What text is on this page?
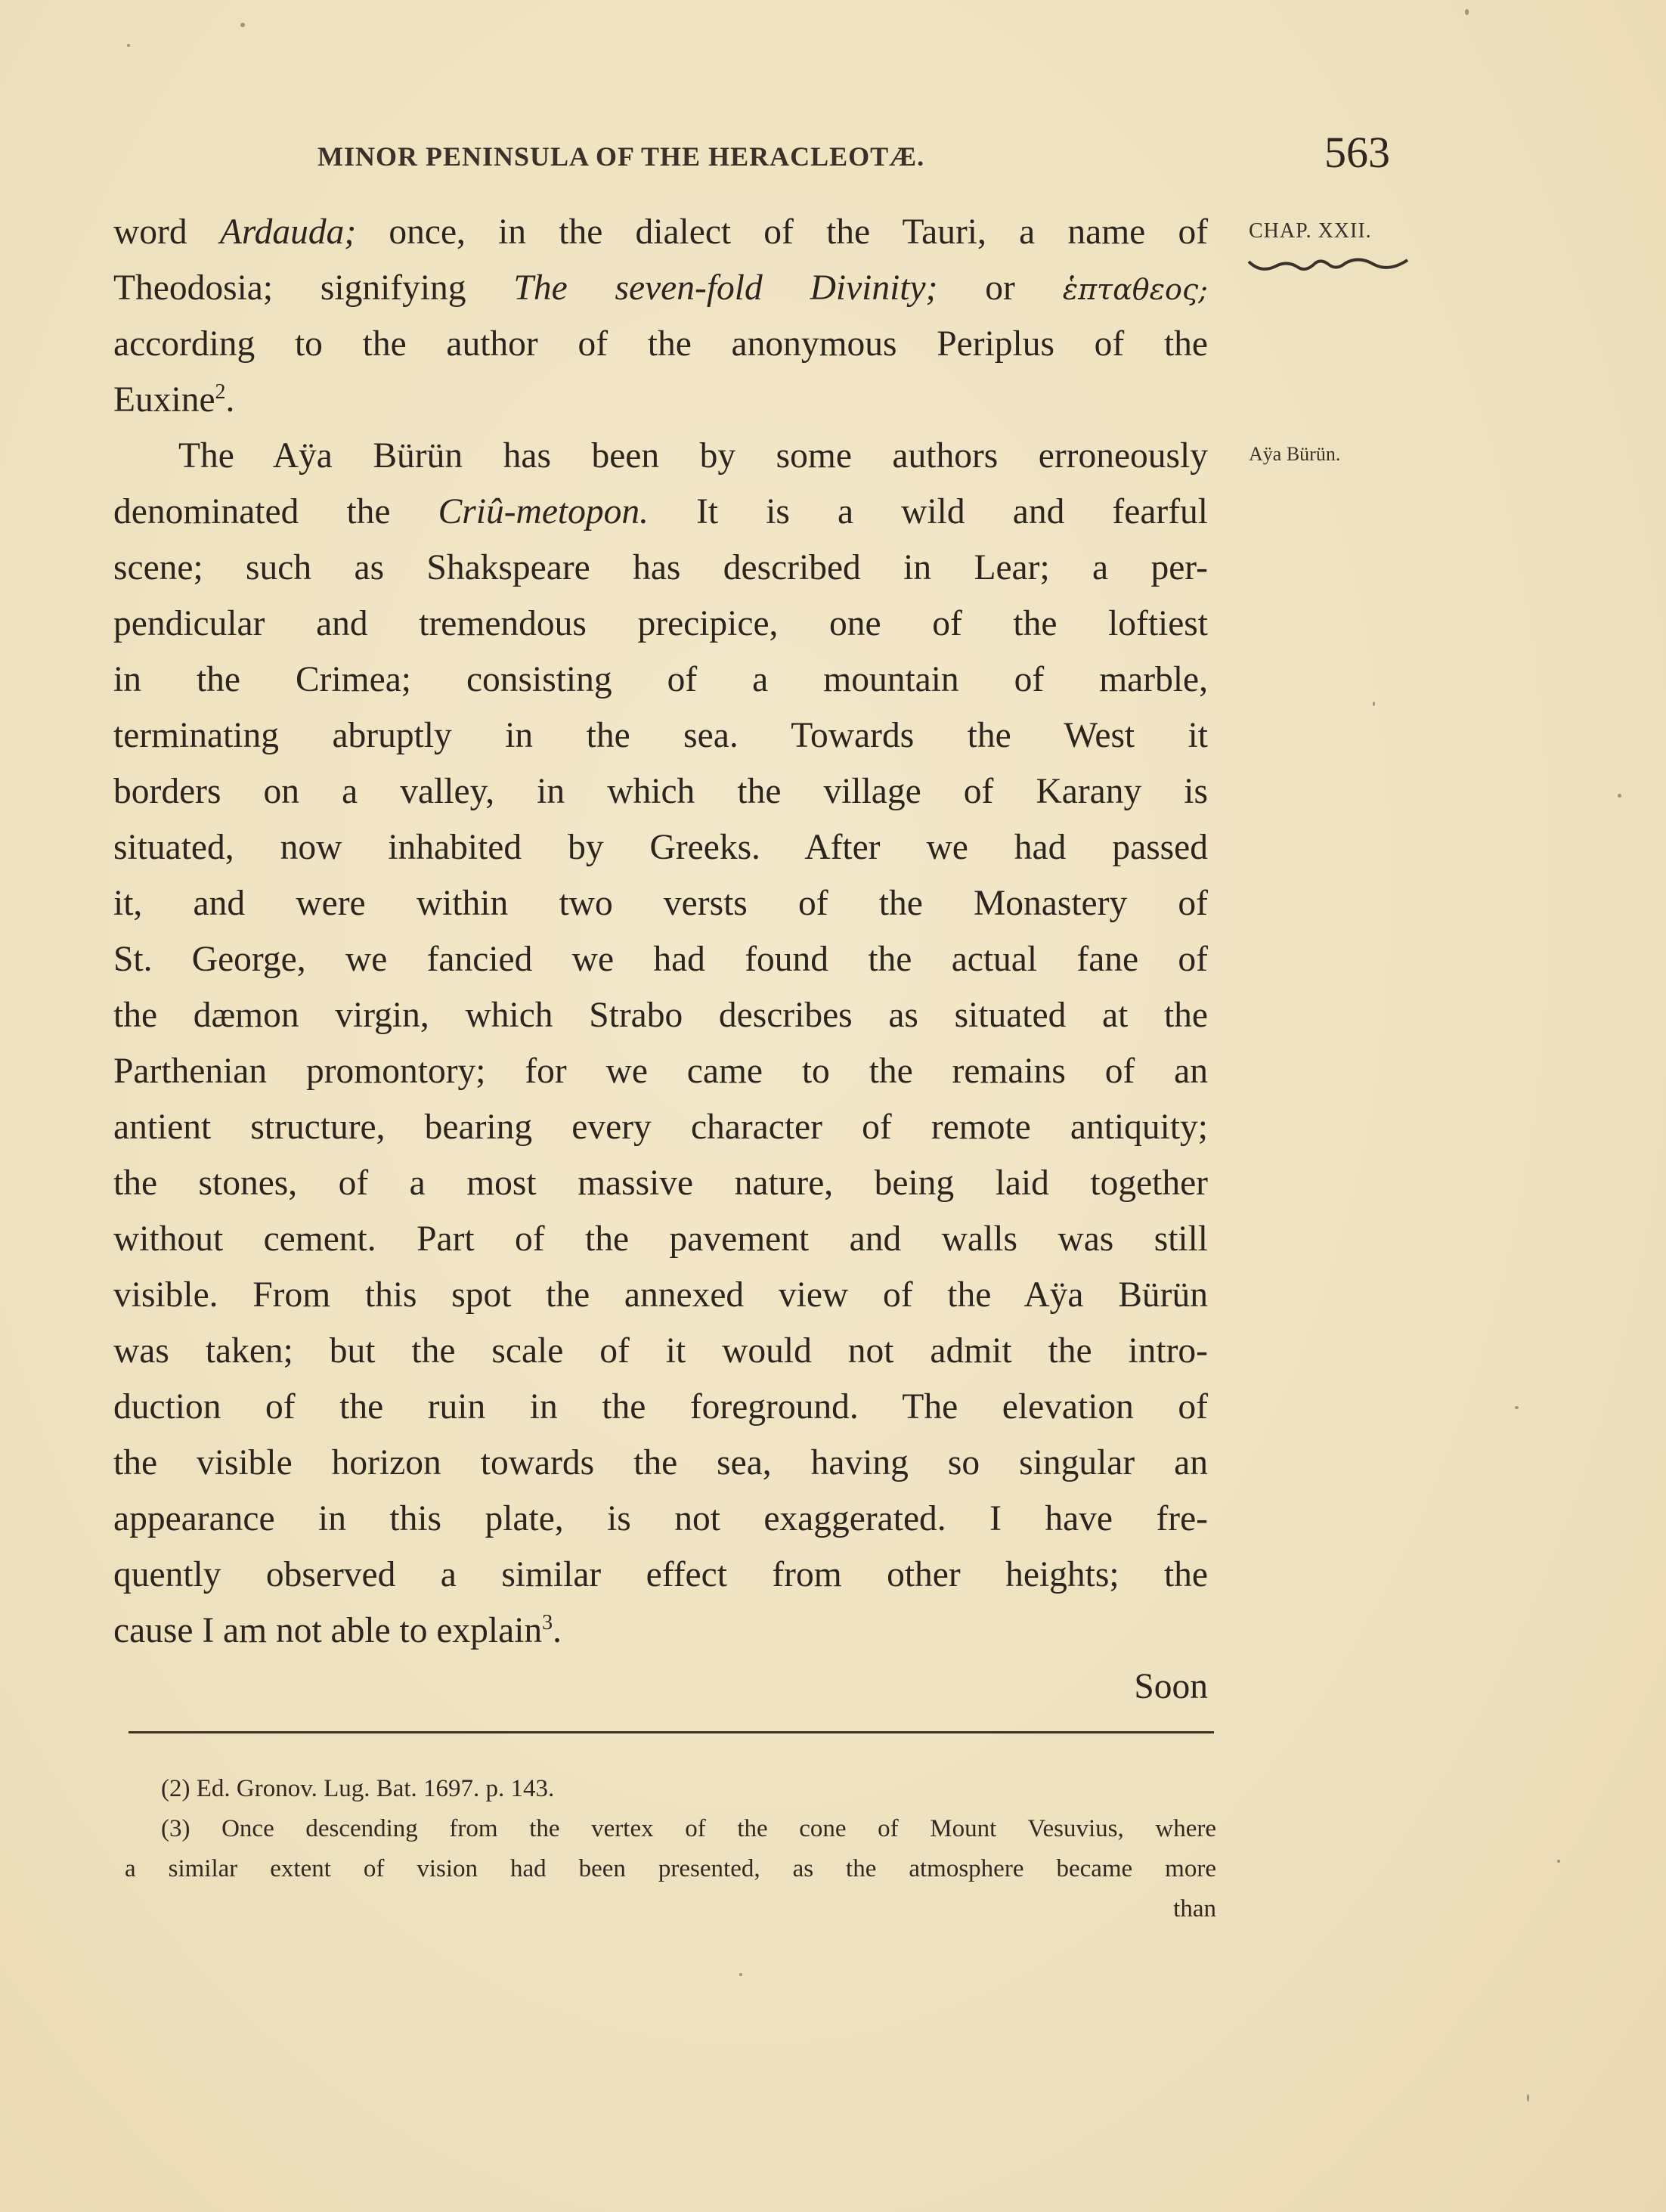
MINOR PENINSULA OF THE HERACLEOTÆ.	563
CHAP. XXII.
Aÿa Bürün.
word Ardauda; once, in the dialect of the Tauri, a name of
Theodosia; signifying The seven-fold Divinity; or ἑπταθεος;
according to the author of the anonymous Periplus of the
Euxine$^2$.
The Aÿa Bürün has been by some authors erroneously
denominated the Criû-metopon. It is a wild and fearful
scene; such as Shakspeare has described in Lear; a per-
pendicular and tremendous precipice, one of the loftiest
in the Crimea; consisting of a mountain of marble,
terminating abruptly in the sea. Towards the West it
borders on a valley, in which the village of Karany is
situated, now inhabited by Greeks. After we had passed
it, and were within two versts of the Monastery of
St. George, we fancied we had found the actual fane of
the dæmon virgin, which Strabo describes as situated at the
Parthenian promontory; for we came to the remains of an
antient structure, bearing every character of remote antiquity;
the stones, of a most massive nature, being laid together
without cement. Part of the pavement and walls was still
visible. From this spot the annexed view of the Aÿa Bürün
was taken; but the scale of it would not admit the intro-
duction of the ruin in the foreground. The elevation of
the visible horizon towards the sea, having so singular an
appearance in this plate, is not exaggerated. I have fre-
quently observed a similar effect from other heights; the
cause I am not able to explain$^3$.
Soon
(2) Ed. Gronov. Lug. Bat. 1697. p. 143.
(3) Once descending from the vertex of the cone of Mount Vesuvius, where
a similar extent of vision had been presented, as the atmosphere became more
than
